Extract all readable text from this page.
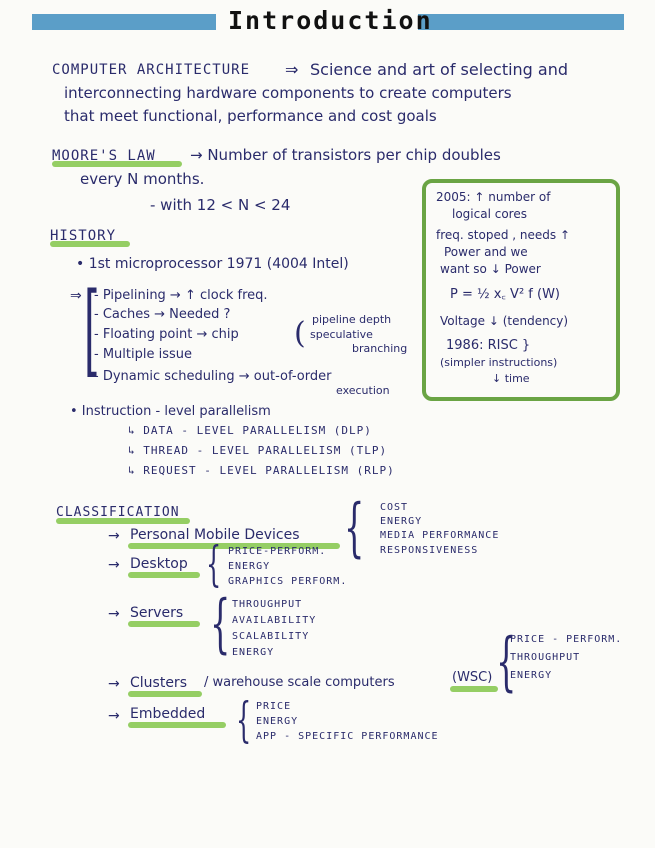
Introduction
COMPUTER ARCHITECTURE ⇒ Science and art of selecting and
interconnecting hardware components to create computers
that meet functional, performance and cost goals
MOORE'S LAW → Number of transistors per chip doubles
every N months.
- with 12 < N < 24	2005: ↑ number of
logical cores
freq. stoped , needs ↑
Power and we
want so ↓ Power
P = ½ x꜀ V² f (W)
Voltage ↓ (tendency)
1986: RISC }
(simpler instructions)
↓ time
HISTORY
• 1st microprocessor 1971 (4004 Intel)
⇒ [
- Pipelining → ↑ clock freq.
- Caches → Needed ?
- Floating point → chip ( pipeline depth
speculative
branching
- Multiple issue
- Dynamic scheduling → out-of-order
execution
• Instruction - level parallelism
↳ DATA - LEVEL PARALLELISM (DLP)
↳ THREAD - LEVEL PARALLELISM (TLP)
↳ REQUEST - LEVEL PARALLELISM (RLP)
CLASSIFICATION
→ Personal Mobile Devices { COST
ENERGY
MEDIA PERFORMANCE
RESPONSIVENESS
→ Desktop { PRICE-PERFORM.
ENERGY
GRAPHICS PERFORM.
→ Servers { THROUGHPUT
AVAILABILITY
SCALABILITY
ENERGY
→ Clusters / warehouse scale computers	(WSC) {
PRICE - PERFORM.
THROUGHPUT
ENERGY
→ Embedded { PRICE
ENERGY
APP - SPECIFIC PERFORMANCE
